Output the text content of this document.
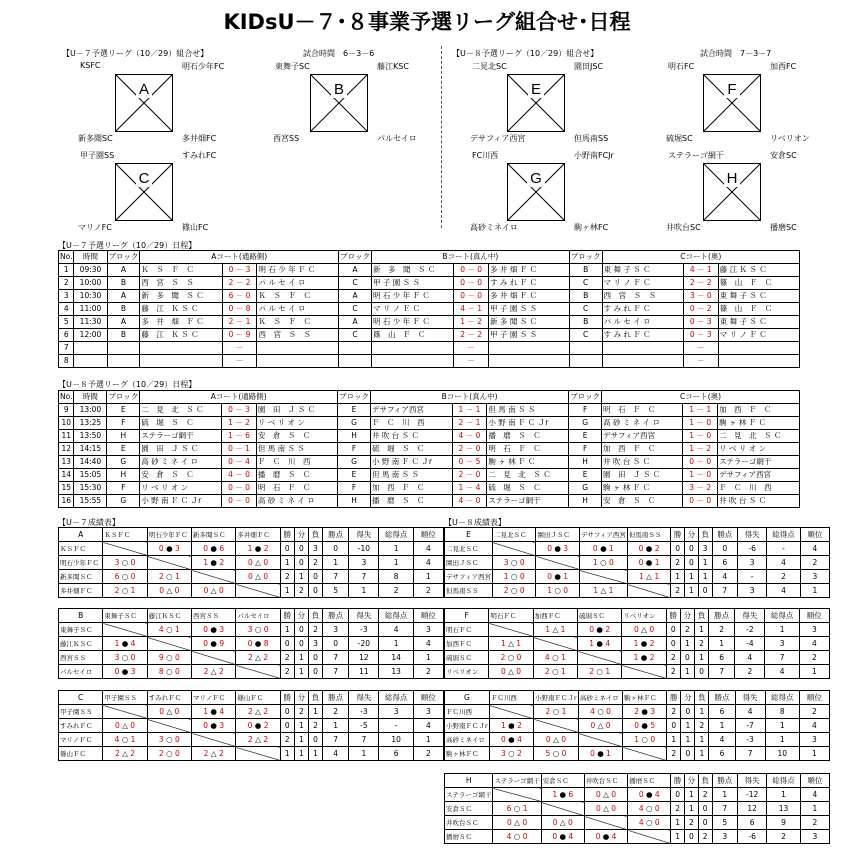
KIDsU－７･８事業予選リーグ組合せ･日程
【U－７予選リーグ（10／29）組合せ】	試合時間　6－3－6	【U－８予選リーグ（10／29）組合せ】	試合時間　7－3－7
KSFC	明石少年FC
新多聞SC	多井畑FC
A
東舞子SC	藤江KSC
西宮SS	パルセイロ
B
甲子園SS	すみれFC
マリノFC	篠山FC
C
二見北SC	園田JSC
デサフィア西宮	但馬南SS
E
明石FC	加西FC
硫堀SC	リベリオン
F
FC川西	小野南FCJr
高砂ミネイロ	駒ヶ林FC
G
ステラーゴ網干	安倉SC
井吹台SC	播磨SC
H
【U－７予選リーグ（10／29）日程】
No.	時間	ブロック	Aコート(通路側)			ブロック	Bコート(真ん中)			ブロック	Cコート(奥)		
1	09:30	A	Ｋ　Ｓ　Ｆ　Ｃ	0 － 3	明 石 少 年 Ｆ Ｃ	A	新　多　聞　Ｓ Ｃ	0 － 0	多 井 畑 Ｆ Ｃ	B	東 舞 子 Ｓ Ｃ	4 － 1	藤 江 Ｋ Ｓ Ｃ
2	10:00	B	西　宮　Ｓ　Ｓ	2 － 2	パ ル セ イ ロ	C	甲 子 園 Ｓ Ｓ	0 － 0	す み れ Ｆ Ｃ	C	マ リ ノ Ｆ Ｃ	2 － 2	篠　山　Ｆ　Ｃ
3	10:30	A	新　多　聞　Ｓ Ｃ	6 － 0	Ｋ　Ｓ　Ｆ　Ｃ	A	明 石 少 年 Ｆ Ｃ	0 － 0	多 井 畑 Ｆ Ｃ	B	西　宮　Ｓ　Ｓ	3 － 0	東 舞 子 Ｓ Ｃ
4	11:00	B	藤　江　Ｋ Ｓ Ｃ	0 － 8	パ ル セ イ ロ	C	マ リ ノ Ｆ Ｃ	4 － 1	甲 子 園 Ｓ Ｓ	C	す み れ Ｆ Ｃ	0 － 2	篠　山　Ｆ　Ｃ
5	11:30	A	多　井　畑　Ｆ Ｃ	2 － 1	Ｋ　Ｓ　Ｆ　Ｃ	A	明 石 少 年 Ｆ Ｃ	1 － 2	新 多 聞 Ｓ Ｃ	B	パ ル セ イ ロ	0 － 3	東 舞 子 Ｓ Ｃ
6	12:00	B	藤　江　Ｋ Ｓ Ｃ	0 － 9	西　宮　Ｓ　Ｓ	C	篠　山　Ｆ　Ｃ	2 － 2	甲 子 園 Ｓ Ｓ	C	す み れ Ｆ Ｃ	0 － 3	マ リ ノ Ｆ Ｃ
7				－				－				－	
8				－				－				－	
【U－８予選リーグ（10／29）日程】
No.	時間	ブロック	Aコート(通路側)			ブロック	Bコート(真ん中)			ブロック	Cコート(奥)		
9	13:00	E	二　見　北　Ｓ Ｃ	0 － 3	園　田　Ｊ Ｓ Ｃ	E	デサフィア西宮	1 － 1	但 馬 南 Ｓ Ｓ	F	明　石　Ｆ　Ｃ	1 － 1	加　西　Ｆ　Ｃ
10	13:25	F	硫　堀　Ｓ　Ｃ	1 － 2	リ ベ リ オ ン	G	Ｆ　Ｃ　川　西	2 － 1	小 野 南 Ｆ Ｃ Ｊr	G	高 砂 ミ ネ イ ロ	1 － 0	駒 ヶ 林 Ｆ Ｃ
11	13:50	H	ステラーゴ網干	1 － 6	安　倉　Ｓ　Ｃ	H	井 吹 台 Ｓ Ｃ	4 － 0	播　磨　Ｓ　Ｃ	E	デサフィア西宮	1 － 0	二　見　北　Ｓ Ｃ
12	14:15	E	園　田　Ｊ Ｓ Ｃ	0 － 1	但 馬 南 Ｓ Ｓ	F	硫　堀　Ｓ　Ｃ	2 － 0	明　石　Ｆ　Ｃ	F	加　西　Ｆ　Ｃ	1 － 2	リ ベ リ オ ン
13	14:40	G	高 砂 ミ ネ イ ロ	0 － 4	Ｆ　Ｃ　川　西	G	小 野 南 Ｆ Ｃ Ｊr	0 － 5	駒 ヶ 林 Ｆ Ｃ	H	井 吹 台 Ｓ Ｃ	0 － 0	ステラーゴ網干
14	15:05	H	安　倉　Ｓ　Ｃ	4 － 0	播　磨　Ｓ　Ｃ	E	但 馬 南 Ｓ Ｓ	2 － 0	二　見　北　Ｓ Ｃ	E	園　田　Ｊ Ｓ Ｃ	1 － 0	デサフィア西宮
15	15:30	F	リ ベ リ オ ン	0 － 0	明　石　Ｆ　Ｃ	F	加　西　Ｆ　Ｃ	1 － 4	硫　堀　Ｓ　Ｃ	G	駒 ヶ 林 Ｆ Ｃ	3 － 2	Ｆ　Ｃ　川　西
16	15:55	G	小 野 南 Ｆ Ｃ Ｊr	0 － 0	高 砂 ミ ネ イ ロ	H	播　磨　Ｓ　Ｃ	4 － 0	ステラーゴ網干	H	安　倉　Ｓ　Ｃ	0 － 0	井 吹 台 Ｓ Ｃ
【U－７成績表】	【U－８成績表】
A	ＫＳＦＣ	明石少年ＦＣ	新多聞ＳＣ	多井畑ＦＣ	勝	分	負	勝点	得失	総得点	順位
ＫＳＦＣ		0 ● 3	0 ● 6	1 ● 2	0	0	3	0	-10	1	4
明石少年ＦＣ	3 ○ 0		1 ● 2	0 △ 0	1	0	2	1	3	1	4
新多聞ＳＣ	6 ○ 0	2 ○ 1		0 △ 0	2	1	0	7	7	8	1
多井畑ＦＣ	2 ○ 1	0 △ 0	0 △ 0		1	2	0	5	1	2	2
E	二見北ＳＣ	園田ＪＳＣ	デサフィア西宮	但馬南ＳＳ	勝	分	負	勝点	得失	総得点	順位
二見北ＳＣ		0 ● 3	0 ● 1	0 ● 2	0	0	3	0	-6	-	4
園田ＪＳＣ	3 ○ 0		1 ○ 0	0 ● 1	2	0	1	6	3	4	2
デサフィア西宮	1 ○ 0	0 ● 1		1 △ 1	1	1	1	4	-	2	3
但馬南ＳＳ	2 ○ 0	1 ○ 0	1 △ 1		2	1	0	7	3	4	1
B	東舞子ＳＣ	藤江ＫＳＣ	西宮ＳＳ	パルセイロ	勝	分	負	勝点	得失	総得点	順位
東舞子ＳＣ		4 ○ 1	0 ● 3	3 ○ 0	1	0	2	3	-3	4	3
藤江ＫＳＣ	1 ● 4		0 ● 9	0 ● 8	0	0	3	0	-20	1	4
西宮ＳＳ	3 ○ 0	9 ○ 0		2 △ 2	2	1	0	7	12	14	1
パルセイロ	0 ● 3	8 ○ 0	2 △ 2		2	1	0	7	11	13	2
F	明石ＦＣ	加西ＦＣ	硫堀ＳＣ	リベリオン	勝	分	負	勝点	得失	総得点	順位
明石ＦＣ		1 △ 1	0 ● 2	0 △ 0	0	2	1	2	-2	1	3
加西ＦＣ	1 △ 1		1 ● 4	1 ● 2	0	1	2	1	-4	3	4
硫堀ＳＣ	2 ○ 0	4 ○ 1		1 ● 2	2	0	1	6	4	7	2
リベリオン	0 △ 0	2 ○ 1	2 ○ 1		2	1	0	7	2	4	1
C	甲子園ＳＳ	すみれＦＣ	マリノＦＣ	篠山ＦＣ	勝	分	負	勝点	得失	総得点	順位
甲子園ＳＳ		0 △ 0	1 ● 4	2 △ 2	0	2	1	2	-3	3	3
すみれＦＣ	0 △ 0		0 ● 3	0 ● 2	0	1	2	1	-5	-	4
マリノＦＣ	4 ○ 1	3 ○ 0		2 △ 2	2	1	0	7	7	10	1
篠山ＦＣ	2 △ 2	2 ○ 0	2 △ 2		1	1	1	4	1	6	2
G	ＦＣ川西	小野南ＦＣＪr	高砂ミネイロ	駒ヶ林ＦＣ	勝	分	負	勝点	得失	総得点	順位
ＦＣ川西		2 ○ 1	4 ○ 0	2 ● 3	2	0	1	6	4	8	2
小野南ＦＣＪr	1 ● 2		0 △ 0	0 ● 5	0	1	2	1	-7	1	4
高砂ミネイロ	0 ● 4	0 △ 0		1 ○ 0	1	1	1	4	-3	1	3
駒ヶ林ＦＣ	3 ○ 2	5 ○ 0	0 ● 1		2	0	1	6	7	10	1
H	ステラーゴ網干	安倉ＳＣ	井吹台ＳＣ	播磨ＳＣ	勝	分	負	勝点	得失	総得点	順位
ステラーゴ網干		1 ● 6	0 △ 0	0 ● 4	0	1	2	1	-12	1	4
安倉ＳＣ	6 ○ 1		0 △ 0	4 ○ 0	2	1	0	7	12	13	1
井吹台ＳＣ	0 △ 0	0 △ 0		4 ○ 0	1	2	0	5	6	9	2
播磨ＳＣ	4 ○ 0	0 ● 4	0 ● 4		1	0	2	3	-6	2	3
